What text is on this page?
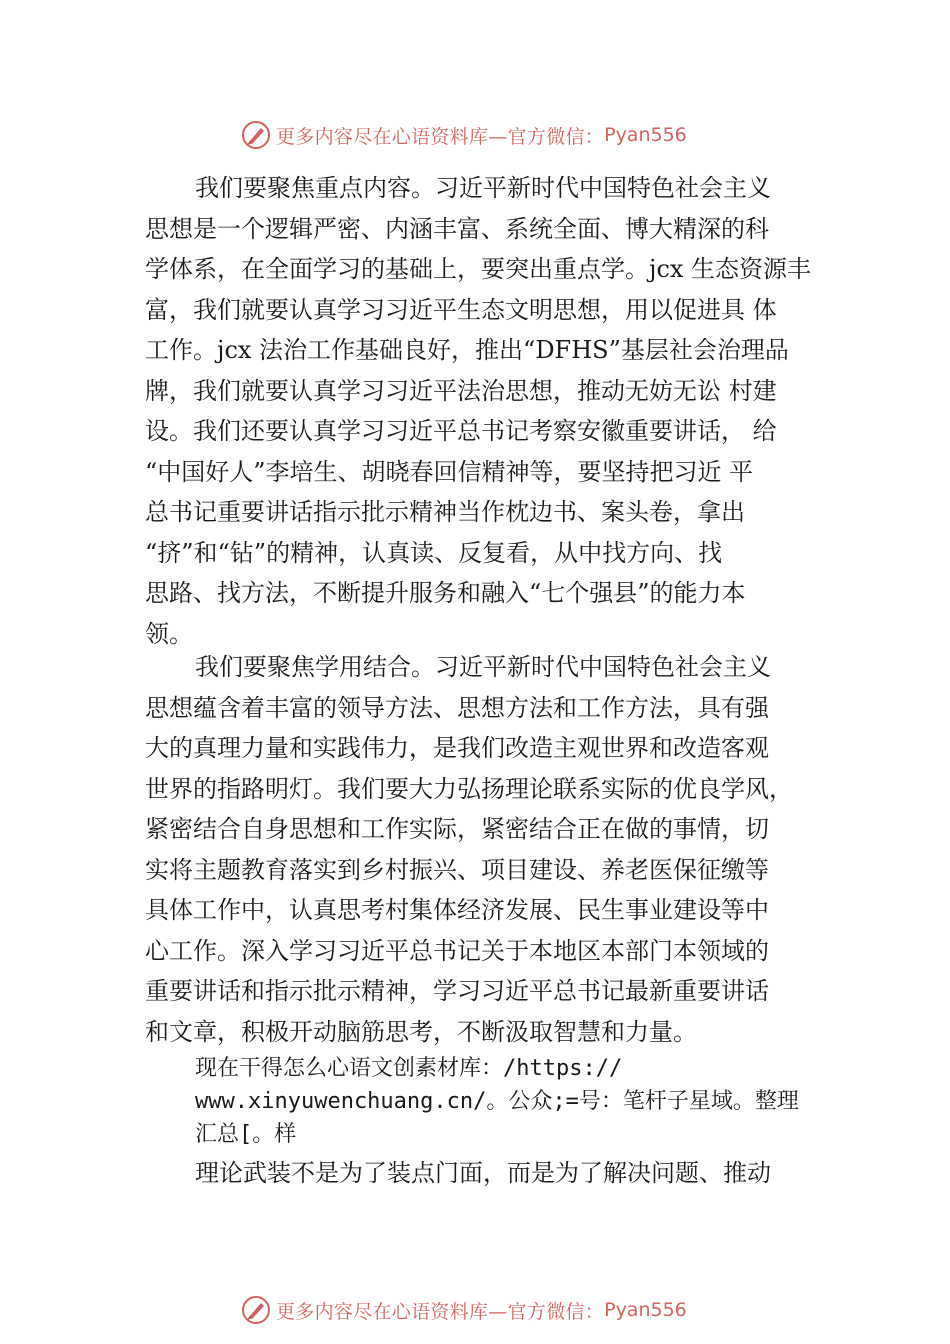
更多内容尽在心语资料库—官方微信： Pyan556
我们要聚焦重点内容。习近平新时代中国特色社会主义
思想是一个逻辑严密、内涵丰富、系统全面、博大精深的科
学体系，在全面学习的基础上，要突出重点学。jcx 生态资源丰
富，我们就要认真学习习近平生态文明思想，用以促进具 体
工作。jcx 法治工作基础良好，推出“DFHS”基层社会治理品
牌，我们就要认真学习习近平法治思想，推动无妨无讼 村建
设。我们还要认真学习习近平总书记考察安徽重要讲话， 给
“中国好人”李培生、胡晓春回信精神等，要坚持把习近 平
总书记重要讲话指示批示精神当作枕边书、案头卷，拿出
“挤”和“钻”的精神，认真读、反复看，从中找方向、找
思路、找方法，不断提升服务和融入“七个强县”的能力本
领。
我们要聚焦学用结合。习近平新时代中国特色社会主义
思想蕴含着丰富的领导方法、思想方法和工作方法，具有强
大的真理力量和实践伟力，是我们改造主观世界和改造客观
世界的指路明灯。我们要大力弘扬理论联系实际的优良学风，
紧密结合自身思想和工作实际，紧密结合正在做的事情，切
实将主题教育落实到乡村振兴、项目建设、养老医保征缴等
具体工作中，认真思考村集体经济发展、民生事业建设等中
心工作。深入学习习近平总书记关于本地区本部门本领域的
重要讲话和指示批示精神，学习习近平总书记最新重要讲话
和文章，积极开动脑筋思考，不断汲取智慧和力量。
现在干得怎么心语文创素材库：/https://
www.xinyuwenchuang.cn/。公众;=号：笔杆子星域。整理
汇总[。样

理论武装不是为了装点门面，而是为了解决问题、推动

更多内容尽在心语资料库—官方微信： Pyan556
